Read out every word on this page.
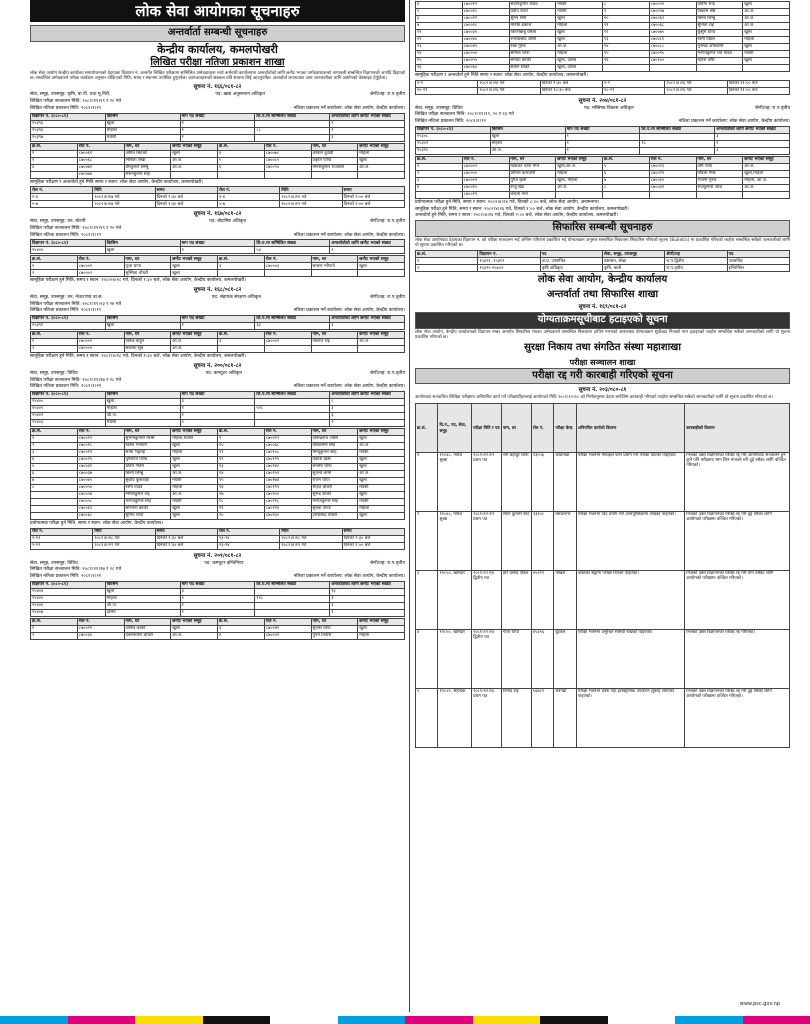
लोक सेवा आयोगका सूचनाहरु
अन्तर्वार्ता सम्बन्धी सूचनाहरु
केन्द्रीय कार्यालय, कमलपोखरी
लिखित परीक्षा नतिजा प्रकाशन शाखा
लोक सेवा आयोग केन्द्रीय कार्यालय समायोजनाको देहायका विज्ञापन नं. अन्तर्गत लिखित परीक्षामा सम्मिलित उम्मेदवारहरू मध्ये कर्मचारी कार्यालयमा अन्तर्वार्ताको लागि छनौट भएका उम्मेदवारहरूको नामावली सम्बन्धित विज्ञापनको अगाडि दिइएको छ। सम्बन्धित उम्मेदवारले परीक्षा कार्यक्रम अनुसार तोकिएको मिति, समय र स्थानमा उपस्थित हुनुपर्नेछ। कागजातहरूको सक्कल प्रति साथमा लिई आउनुपर्नेछ। अन्तर्वार्ता लगायतका अन्य जानकारीका लागि आयोगको वेबसाइट हेर्नुहोला।
सूचना नं. १६६/०८१-८२
सेवा, समूह, उपसमूह: कृषि, बा.पी. तथा मू.निरी.	पद: खाद्य अनुसन्धान अधिकृत	श्रेणी/तह: रा.प.तृतीय
लिखित परीक्षा सञ्चालन मिति: २०८१।११।१९ र २० गते
लिखित नतिजा प्रकाशन मिति: २०८१।१।१९	नतिजा प्रकाशन गर्ने कार्यालय: लोक सेवा आयोग, केन्द्रीय कार्यालय।
विज्ञापन नं. (०८०-८१)	किसिम	माग पद संख्या	लि.प.मा सम्मिलित संख्या	अन्तर्वार्ताको लागि छनौट भएको संख्या
१५३९६	खुला	१		२
१५३९६	महिला	१	८८	२
१५३९७	मधेशी	१		३
क्र.सं.	रोल नं.	नाम, थर	छनौट भएको समूह	क्र.सं.	रोल नं.	नाम, थर	छनौट भएको समूह
१	८७००६१	अमित सिंहको	खुला	४	८७००७८	कविता दुवाडी	महिला
२	८७००६८	निशिता शेखी	आ.ज.	५	८७००८५	प्रकृति पाण्डे	खुला
३	८७००७१	प्रेमकुमार लिम्बु	आ.ज.	६	८७००९०	मिनेशकुमार राजवंशी	आ.ज.
	८७००७४	रोशनकुमार साह					
सामूहिक परीक्षण र अन्तर्वार्ता हुने मिति समय र स्थान: लोक सेवा आयोग, केन्द्रीय कार्यालय, कमलपोखरी।
रोल नं.	मिति	समय	रोल नं.	मिति	समय
१-४	२०८२।४।१७ गते	दिनको ९:३० बजे	१-४	२०८२।४।१९ गते	दिनको १:०० बजे
५-७	२०८२।४।१७ गते	दिनको १:३० बजे	५-७	२०८२।४।१९ गते	दिनको २:०० बजे
सूचना नं. १६७/०८१-८२
सेवा, समूह, उपसमूह: वन, बोटनी	पद: बोटानिष्ट अधिकृत	श्रेणी/तह: रा.प.तृतीय
लिखित परीक्षा सञ्चालन मिति: २०८१।११।१९ र २० गते
लिखित नतिजा प्रकाशन मिति: २०८१।१।१९	नतिजा प्रकाशन गर्ने कार्यालय: लोक सेवा आयोग, केन्द्रीय कार्यालय।
विज्ञापन नं. (०८०-८१)	किसिम	माग पद संख्या	लि.प.मा सम्मिलित संख्या	अन्तर्वार्ताको लागि छनौट भएको संख्या
१५४०५	खुला	१	५३	२
क्र.सं.	रोल नं.	नाम, थर	छनौट भएको समूह	क्र.सं.	रोल नं.	नाम, थर	छनौट भएको समूह
१	८७०००१	पूजा थापा	खुला	३	८७०००३	साधना न्यौपाने	खुला
२	८७०००२	सुस्मिता चौधरी	खुला				
सामूहिक परीक्षण हुने मिति, समय र स्थान: २०८२।४।१८ गते, दिनको १:३० बजे, लोक सेवा आयोग, केन्द्रीय कार्यालय, कमलपोखरी।
सूचना नं. १६८/०८१-८२
सेवा, समूह, उपसमूह: वन, नेचर/एण्ड बा.स.	पद: सहायक संरक्षण अधिकृत	श्रेणी/तह: रा.प.तृतीय
लिखित परीक्षा सञ्चालन मिति: २०८१।११।२३ र २४ गते
लिखित नतिजा प्रकाशन मिति: २०८१।१।१९	नतिजा प्रकाशन गर्ने कार्यालय: लोक सेवा आयोग, केन्द्रीय कार्यालय।
विज्ञापन नं. (०८०-८१)	किसिम	माग पद संख्या	लि.प.मा सम्मिलित संख्या	अन्तर्वार्ताको लागि छनौट भएको संख्या
१५३९९	खुला	१	३३	३
क्र.सं.	रोल नं.	नाम, थर	छनौट भएको समूह	क्र.सं.	रोल नं.	नाम, थर	छनौट भएको समूह
१	८७०००१	विवेक बाहुन	आ.ज.	३	८७०००९	नवराज राई	आ.ज.
२	८७०००५	सबल्या सुब	आ.ज.				
सामूहिक परीक्षण हुने मिति, समय र स्थान: २०८२।४।१८ गते, दिनको १:३० बजे, लोक सेवा आयोग, केन्द्रीय कार्यालय, कमलपोखरी।
सूचना नं. २००/०८१-८२
सेवा, समूह, उपसमूह: विविध	पद: कम्प्युटर अधिकृत	श्रेणी/तह: रा.प.तृतीय
लिखित परीक्षा सञ्चालन मिति: २०८१।११।१७ र २८ गते
लिखित नतिजा प्रकाशन मिति: २०८१।१।२१	नतिजा प्रकाशन गर्ने कार्यालय: लोक सेवा आयोग, केन्द्रीय कार्यालय।
विज्ञापन नं. (०८०-८१)	किसिम	माग पद संख्या	लि.प.मा सम्मिलित संख्या	अन्तर्वार्ताको लागि छनौट भएको संख्या
१५४००	खुला	३		८
१५४०१	महिला	१	५२८	३
१५४०२	आ.ज.	१		३
१५४०३	मधेशी	१		२
क्र.सं.	रोल नं.	नाम, थर	छनौट भएको समूह	क्र.सं.	रोल नं.	नाम, थर	छनौट भएको समूह
१	८७००१२	सुभाषकुमारी मरासे	महिला,मधेशी	९	८७००१२	देविन्द्रनाथ जोशी	खुला
२	८७००१८	दिनेश भण्डारी	खुला	१०	८७००६८	वौशालीनी सिंह	आ.ज.
३	८७००१९	सन्धा भट्टराई	महिला	११	८७०१०८	सिन्दुकुमार साह	मधेशी
४	८७००२५	पुष्पराज पाण्डे	खुला	१२	८७०१२५	प्रकाश खत्री	खुला
५	८७००३१	प्रतिम गौतम	खुला	१३	८७०१४०	सन्तोष थापा	खुला
६	८७००३७	बिनय लिम्बु	आ.ज.	१४	८७०१५२	सुजना लामा	आ.ज.
७	८७००४५	सुबोध कुशवाहा	मधेशी	१५	८७०१७४	राजन थापा	खुला
८	८७००५०	रश्मी यादव	महिला	१६	८७०१९२	रोहित चौधरी	मधेशी
	८७००५४	निर्मलकुमार राई	आ.ज.	१७	८७०२००	सुरेन्द्र कार्की	खुला
	८७००५८	मनोजकुमार साह	मधेशी	१८	८७०२१८	मनोजकुमार साह	मधेशी
	८७००६२	सम्जिना कार्की	खुला	१९	८७०२२४	सुरक्षा पाण्डे	महिला
	८७००६८	सुमित थापा	खुला	२०	८७०२३०	हरिप्रसाद चौधरी	खुला
प्रयोगात्मक परीक्षा हुने मिति, समय र स्थान: लोक सेवा आयोग, केन्द्रीय कार्यालय।
रोल नं.	मिति	समय	रोल नं.	मिति	समय
१-१२	२०८२।४।१८ गते	दिनको ९:३० बजे	१३-२४	२०८२।४।१८ गते	दिनको १:३० बजे
१-१२	२०८२।४।१९ गते	दिनको ९:३० बजे	१३-२४	२०८२।४।१९ गते	दिनको १:०० बजे
सूचना नं. २०१/०८१-८२
सेवा, समूह, उपसमूह: विविध	पद: कम्प्युटर इन्जिनियर	श्रेणी/तह: रा.प.तृतीय
लिखित परीक्षा सञ्चालन मिति: २०८१।११।१७ र २८ गते
लिखित नतिजा प्रकाशन मिति: २०८१।१।२१	नतिजा प्रकाशन गर्ने कार्यालय: लोक सेवा आयोग, केन्द्रीय कार्यालय।
विज्ञापन नं. (०८०-८१)	किसिम	माग पद संख्या	लि.प.मा सम्मिलित संख्या	अन्तर्वार्ताको लागि छनौट भएको संख्या
१५४०४	खुला	३		१३
१५४०५	महिला	१	१२८	३
१५४०६	आ.ज.	१		३
१५४०७	दलित	१		१
क्र.सं.	रोल नं.	नाम, थर	छनौट भएको समूह	क्र.सं.	रोल नं.	नाम, थर	छनौट भएको समूह
१	८७००२१	अनिल कार्की	खुला	३	८७००४१	सुवास थापा	खुला
२	८७००३०	देवनारायण चौधरी	आ.ज.	४	८७००५२	पुनम तिवारी	महिला
४	८७००१२	संदीपकुमार यादव	मधेशी	८	८७००५१	प्रतिमा शाह	खुला
५	८७००१८	प्रदीप राउत	मधेशी	९	८७००५७	विकास श्रेष्ठ	आ.ज.
६	८७००२२	सुमन शर्मा	खुला	१०	८७००६२	बिनय लिम्बु	आ.ज.
७	८७००२८	मनिषा ढकाल	महिला	११	८७००६८	सुनिता राई	आ.ज.
११	८७००३५	किरणबाबु धमला	खुला	१२	८७००७५	कुसुम थापा	खुला
१२	८७००४०	रमेशप्रसाद जोशी	खुला	१३	८७००८१	रश्मी पौडेल	महिला
१३	८७००४५	रेखा गुरुङ	आ.ज.	१४	८७००८८	नुजेन्द्रा अधिकारी	खुला
१४	८७००५०	समिता थापा	महिला	१५	८७००९५	मनोजकुमार राय यादव	मधेशी
१५	८७००५५	सन्दिप कार्की	खुला, दलित	१६	८७०१००	दिपेश दोषी	खुला
१६	८७००६०	सबीन सार्की	खुला, दलित				
सामूहिक परीक्षण र अन्तर्वार्ता हुने मिति समय र स्थान: लोक सेवा आयोग, केन्द्रीय कार्यालय, कमलपोखरी।
१-९	२०८२।४।२४ गते	दिनको ९:३० बजे	१-९	२०८२।४।२६ गते	दिनको ११:०० बजे
१०-१९	२०८२।४।२६ गते	दिनको १०:३० बजे	१०-१९	२०८२।४।२६ गते	दिनको ११:०० बजे
सूचना नं. २०४/०८१-८२
सेवा, समूह, उपसमूह: विविध	पद: मस्तिष्क विकास अधिकृत	श्रेणी/तह: रा.प.तृतीय
लिखित परीक्षा सञ्चालन मिति: २०८१।१२।१९, २० र २३ गते
लिखित नतिजा प्रकाशन मिति: २०८२।१।१२	नतिजा प्रकाशन गर्ने कार्यालय: लोक सेवा आयोग, केन्द्रीय कार्यालय।
विज्ञापन नं. (०८०-८१)	किसिम	माग पद संख्या	लि.प.मा सम्मिलित संख्या	अन्तर्वार्ताको लागि छनौट भएको संख्या
१५३०८	खुला	१		३
१५३०९	महिला	१	९८	१
१५३१०	आ.ज.	१		३
क्र.सं.	रोल नं.	नाम, थर	छनौट भएको समूह	क्र.सं.	रोल नं.	नाम, थर	छनौट भएको समूह
१	८७०००२	दिवाकर थापा मगर	खुला,आ.ज.	५	८७००२३	उर्मी थापा	आ.ज.
२	८७०००५	प्रमिला कराजोरी	महिला	६	८७००२९	पविला मिश्र	खुला,महिला
३	८७०००९	पुष्पा ख्रेत्री	खुला, महिला	७	८७००३५	भावनी गुरुङ	महिला, आ.ज.
४	८७००१५	रन्जु खेड	आ.ज.	८	८७००४२	रोजकुमारी आज	आ.ज.
	८७००१९	बन्दना मगर					
प्रयोगात्मक परीक्षा हुने मिति, समय र स्थान: २०८२।४।२४ गते, दिनको ८:०० बजे, लोक सेवा आयोग, अनामनगर।
सामूहिक परीक्षा हुने मिति, समय र स्थान: २०८२।४।२६ गते, दिनको १:०० बजे, लोक सेवा आयोग, केन्द्रीय कार्यालय, कमलपोखरी।
अन्तर्वार्ता हुने मिति, समय र स्थान: २०८२।४।२६ गते, दिनको २:०० बजे, लोक सेवा आयोग, केन्द्रीय कार्यालय, कमलपोखरी।
सिफारिस सम्बन्धी सूचनाहरु
लोक सेवा आयोगबाट देहायका विज्ञापन नं. को परीक्षा सञ्चालन भई अन्तिम परिणाम प्रकाशित भई योग्यताक्रम अनुसार सम्बन्धित निकायमा सिफारिस गरिएको सूचना (Bulletin) मा प्रकाशित गरिएको व्यहोरा सम्बन्धित सबैको जानकारीको लागि यो सूचना प्रकाशित गरिएको छ।
क्र.सं.	विज्ञापन नं.	पद	सेवा, समूह, उपसमूह	श्रेणी/तह	पद
१	१५३११, १५३१२	अ.प्र. उपसचिव	प्रशासन, लेखा	रा.प.द्वितीय	उपसचिव
२	१५३९५-१५४०२	कृषि अधिकृत	कृषि, बाली	रा.प.तृतीय	इन्जिनियर
लोक सेवा आयोग, केन्द्रीय कार्यालय
अन्तर्वार्ता तथा सिफारिस शाखा
सूचना नं. १६९/०८१-८२
योग्यताक्रमसूचीबाट हटाइएको सूचना
लोक सेवा आयोग, केन्द्रीय कार्यालयको विज्ञापन नम्बर अन्तर्गत सिफारिस भएका उम्मेदवारले सम्बन्धित निकायमा हाजिर नभएको कारणबाट योग्यताक्रम सूचीबाट निजको नाम हटाइएको व्यहोरा सम्बन्धित सबैको जानकारीको लागि यो सूचना प्रकाशित गरिएको छ।
सुरक्षा निकाय तथा संगठित संस्था महाशाखा
परीक्षा सञ्चालन शाखा
परीक्षा रद्द गरी कारबाही गरिएको सूचना
सूचना नं. २०३/०८०-८१
आयोगबाट सञ्चालित लिखित परीक्षामा अनियमित कार्य गर्ने परीक्षार्थीहरुलाई आयोगको मिति २०८१।१२।१८ को निर्णयानुसार देहाय बमोजिम कारबाही गरिएको व्यहोरा सम्बन्धित सबैको जानकारीको लागि यो सूचना प्रकाशित गरिएको छ।
क्र.सं.	वि.नं., पद, सेवा, समूह	परीक्षा मिति र पत्र	नाम, थर	रोल नं.	परीक्षा केन्द्र	अनियमित कार्यको विवरण	कारबाहीको विवरण
१	१२८४८, नायब सुब्बा	२०८१।१२।१२ प्रथम पत्र	राम बहादुर थापा	२३०५६	काठमाडौं	परीक्षा भवनमा मोबाइल फोन प्रयोग गरी परीक्षा दिएको पाइएको।	निजको उक्त विज्ञापनको परीक्षा रद्द गरी आयोगबाट सञ्चालन हुने कुनै पनि परीक्षामा भाग लिन नपाउने गरी दुई वर्षका लागि वञ्चित गरिएको।
२	१२८४८, नायब सुब्बा	२०८१।१२।१२ प्रथम पत्र	सीता कुमारी शाह	२३१०८	बिराटनगर	परीक्षा भवनमा चिट प्रयोग गरी उत्तरपुस्तिकामा लेखेको पाइएको।	निजको उक्त विज्ञापनको परीक्षा रद्द गरी दुई वर्षका लागि आयोगको परीक्षामा वञ्चित गरिएको।
३	१२८५०, खरिदार	२०८१।१२।१४ द्वितीय पत्र	हरि प्रसाद पौडेल	४५२१२	पोखरा	अर्काको सट्टामा परीक्षा दिएको पाइएको।	निजको उक्त विज्ञापनको परीक्षा रद्द गरी तीन वर्षका लागि आयोगको परीक्षामा वञ्चित गरिएको।
४	१२८५०, खरिदार	२०८१।१२।१४ द्वितीय पत्र	गीता थापा	४५३५६	बुटवल	परीक्षा भवनमा अनुचित सामग्री राखेको पाइएको।	निजको उक्त विज्ञापनको परीक्षा रद्द गरिएको।
५	१२८५२, सहायक	२०८१।१२।१६ प्रथम पत्र	विनोद राई	५६७८९	धनगढी	परीक्षा भवनमा प्रवेश गर्दा इलेक्ट्रोनिक उपकरण लुकाई ल्याएको पाइएको।	निजको उक्त विज्ञापनको परीक्षा रद्द गरी दुई वर्षका लागि आयोगको परीक्षामा वञ्चित गरिएको।
www.psc.gov.np
